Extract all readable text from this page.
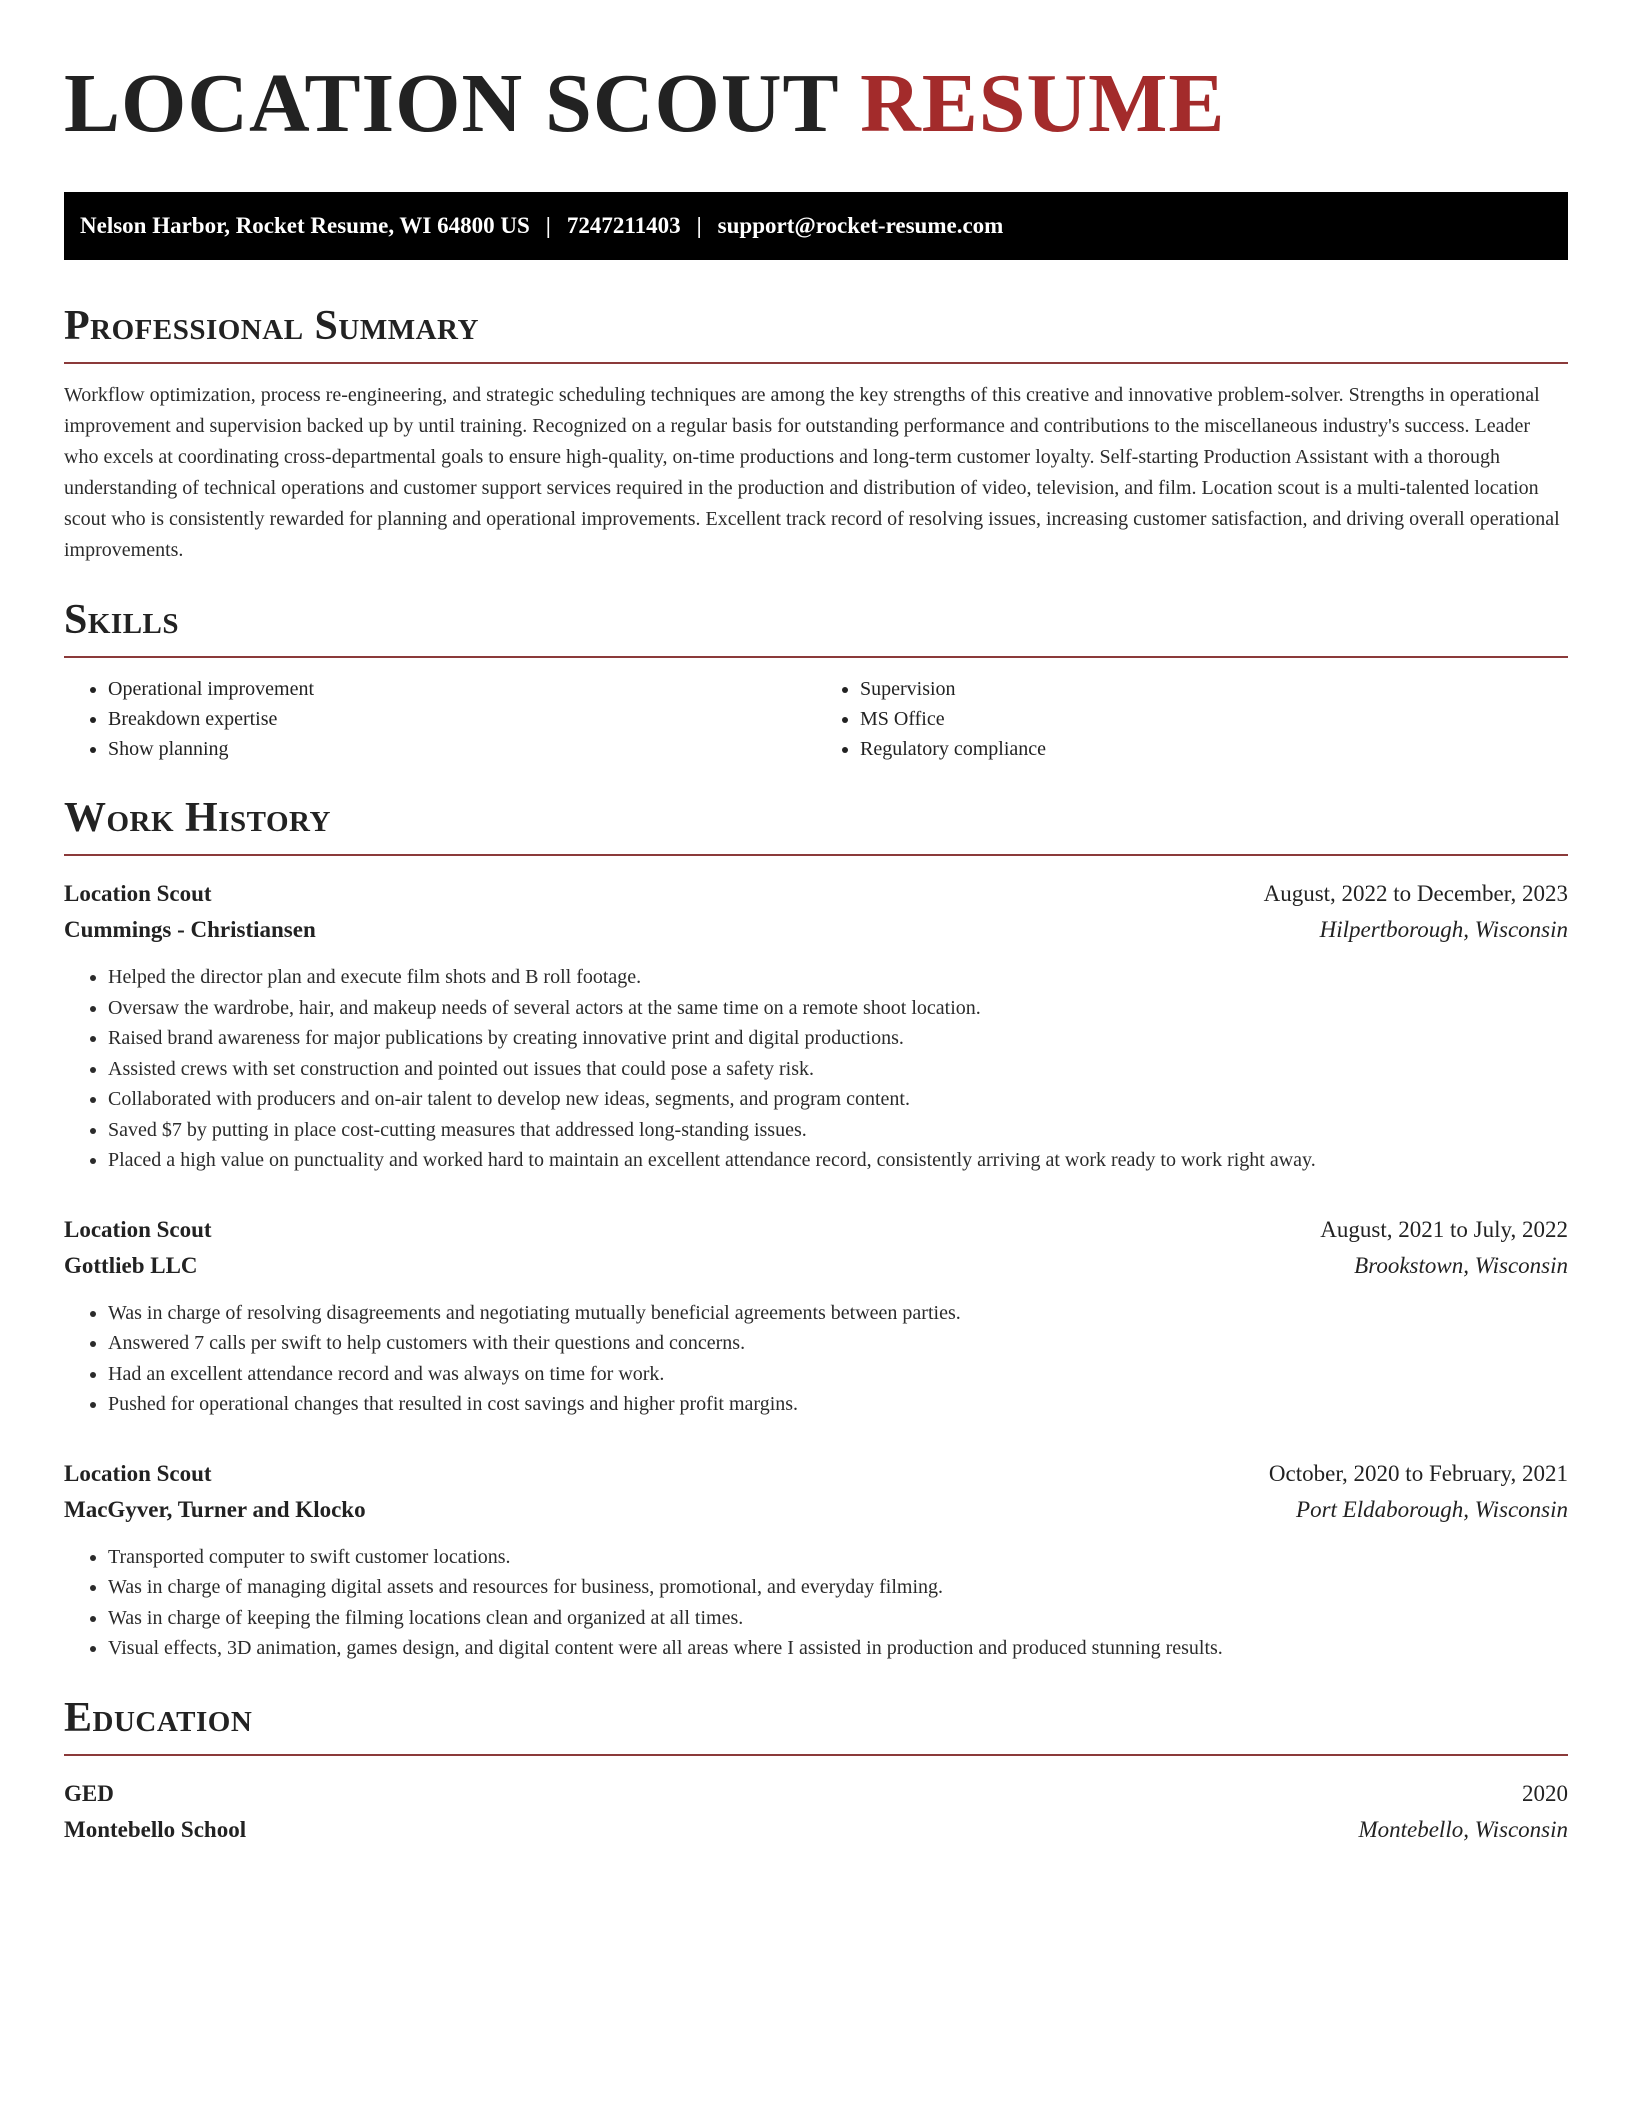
LOCATION SCOUT RESUME
Nelson Harbor, Rocket Resume, WI 64800 US | 7247211403 | support@rocket-resume.com
Professional Summary

Workflow optimization, process re-engineering, and strategic scheduling techniques are among the key strengths of this creative and innovative problem-solver. Strengths in operational improvement and supervision backed up by until training. Recognized on a regular basis for outstanding performance and contributions to the miscellaneous industry's success. Leader who excels at coordinating cross-departmental goals to ensure high-quality, on-time productions and long-term customer loyalty. Self-starting Production Assistant with a thorough understanding of technical operations and customer support services required in the production and distribution of video, television, and film. Location scout is a multi-talented location scout who is consistently rewarded for planning and operational improvements. Excellent track record of resolving issues, increasing customer satisfaction, and driving overall operational improvements.

Skills
• Operational improvement
• Breakdown expertise
• Show planning
• Supervision
• MS Office
• Regulatory compliance
Work History
Location Scout	August, 2022 to December, 2023
Cummings - Christiansen	Hilpertborough, Wisconsin
• Helped the director plan and execute film shots and B roll footage.
• Oversaw the wardrobe, hair, and makeup needs of several actors at the same time on a remote shoot location.
• Raised brand awareness for major publications by creating innovative print and digital productions.
• Assisted crews with set construction and pointed out issues that could pose a safety risk.
• Collaborated with producers and on-air talent to develop new ideas, segments, and program content.
• Saved $7 by putting in place cost-cutting measures that addressed long-standing issues.
• Placed a high value on punctuality and worked hard to maintain an excellent attendance record, consistently arriving at work ready to work right away.
Location Scout	August, 2021 to July, 2022
Gottlieb LLC	Brookstown, Wisconsin
• Was in charge of resolving disagreements and negotiating mutually beneficial agreements between parties.
• Answered 7 calls per swift to help customers with their questions and concerns.
• Had an excellent attendance record and was always on time for work.
• Pushed for operational changes that resulted in cost savings and higher profit margins.
Location Scout	October, 2020 to February, 2021
MacGyver, Turner and Klocko	Port Eldaborough, Wisconsin
• Transported computer to swift customer locations.
• Was in charge of managing digital assets and resources for business, promotional, and everyday filming.
• Was in charge of keeping the filming locations clean and organized at all times.
• Visual effects, 3D animation, games design, and digital content were all areas where I assisted in production and produced stunning results.
Education
GED	2020
Montebello School	Montebello, Wisconsin
